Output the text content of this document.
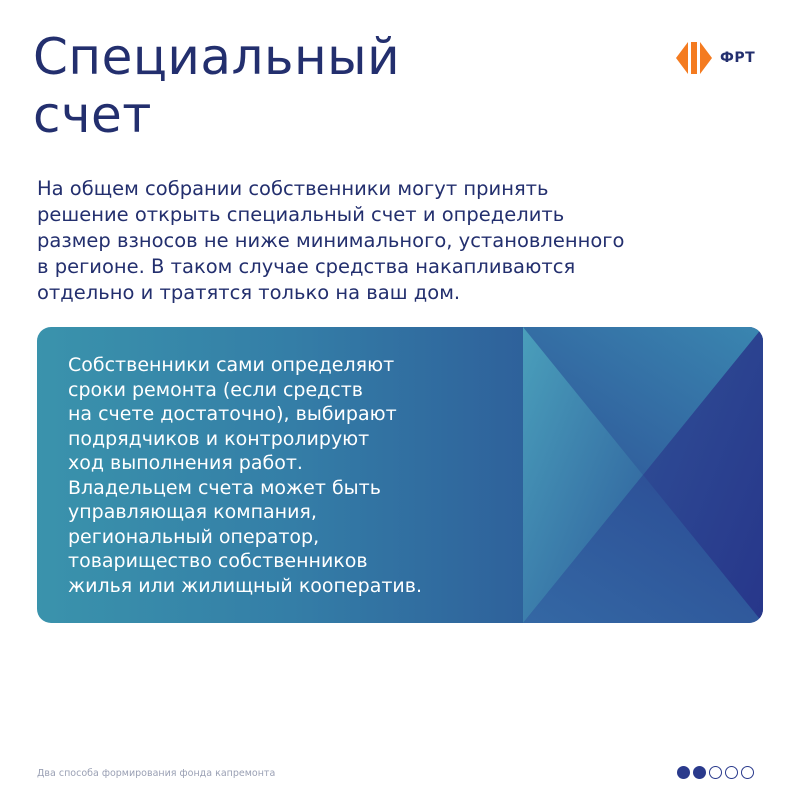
Специальный
счет
ФРТ
На общем собрании собственники могут принять
решение открыть специальный счет и определить
размер взносов не ниже минимального, установленного
в регионе. В таком случае средства накапливаются
отдельно и тратятся только на ваш дом.
Собственники сами определяют
сроки ремонта (если средств
на счете достаточно), выбирают
подрядчиков и контролируют
ход выполнения работ.
Владельцем счета может быть
управляющая компания,
региональный оператор,
товарищество собственников
жилья или жилищный кооператив.
Два способа формирования фонда капремонта
